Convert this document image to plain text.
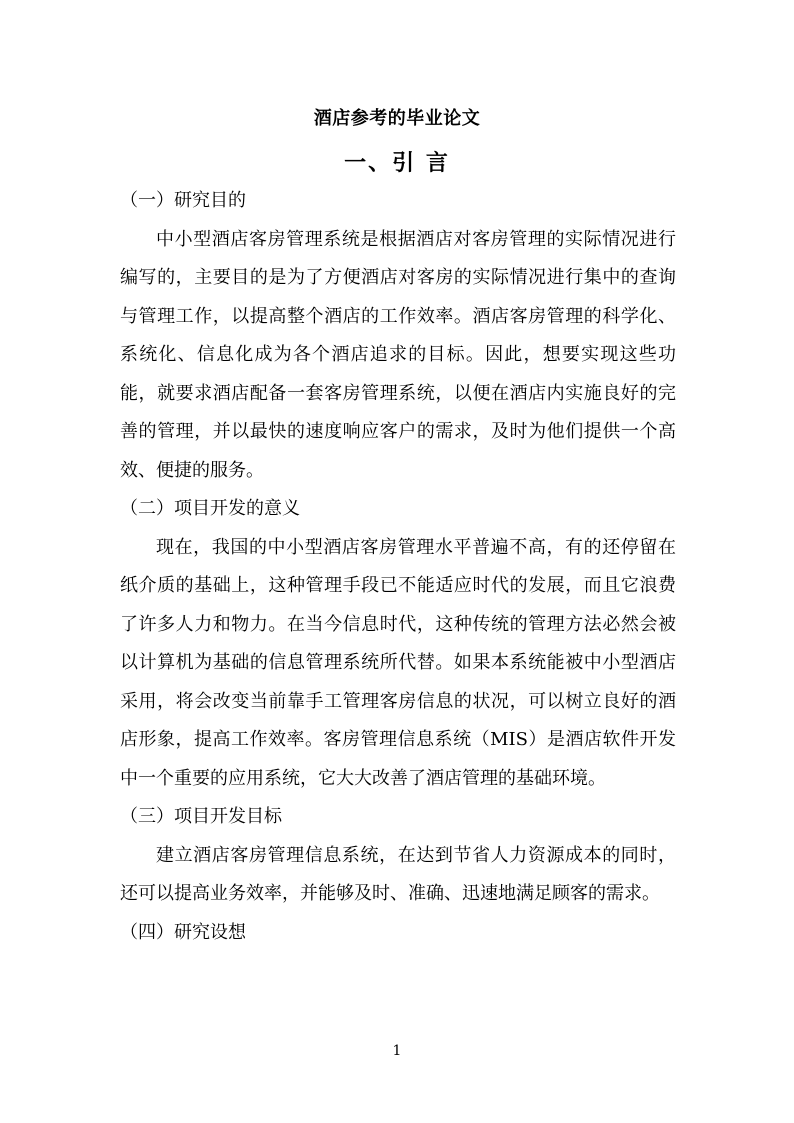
酒店参考的毕业论文
一、引 言

（一）研究目的

中小型酒店客房管理系统是根据酒店对客房管理的实际情况进行编写的，主要目的是为了方便酒店对客房的实际情况进行集中的查询与管理工作，以提高整个酒店的工作效率。酒店客房管理的科学化、系统化、信息化成为各个酒店追求的目标。因此，想要实现这些功能，就要求酒店配备一套客房管理系统，以便在酒店内实施良好的完善的管理，并以最快的速度响应客户的需求，及时为他们提供一个高效、便捷的服务。

（二）项目开发的意义

现在，我国的中小型酒店客房管理水平普遍不高，有的还停留在纸介质的基础上，这种管理手段已不能适应时代的发展，而且它浪费了许多人力和物力。在当今信息时代，这种传统的管理方法必然会被以计算机为基础的信息管理系统所代替。如果本系统能被中小型酒店采用，将会改变当前靠手工管理客房信息的状况，可以树立良好的酒店形象，提高工作效率。客房管理信息系统（MIS）是酒店软件开发中一个重要的应用系统，它大大改善了酒店管理的基础环境。

（三）项目开发目标

建立酒店客房管理信息系统，在达到节省人力资源成本的同时，还可以提高业务效率，并能够及时、准确、迅速地满足顾客的需求。

（四）研究设想

1
